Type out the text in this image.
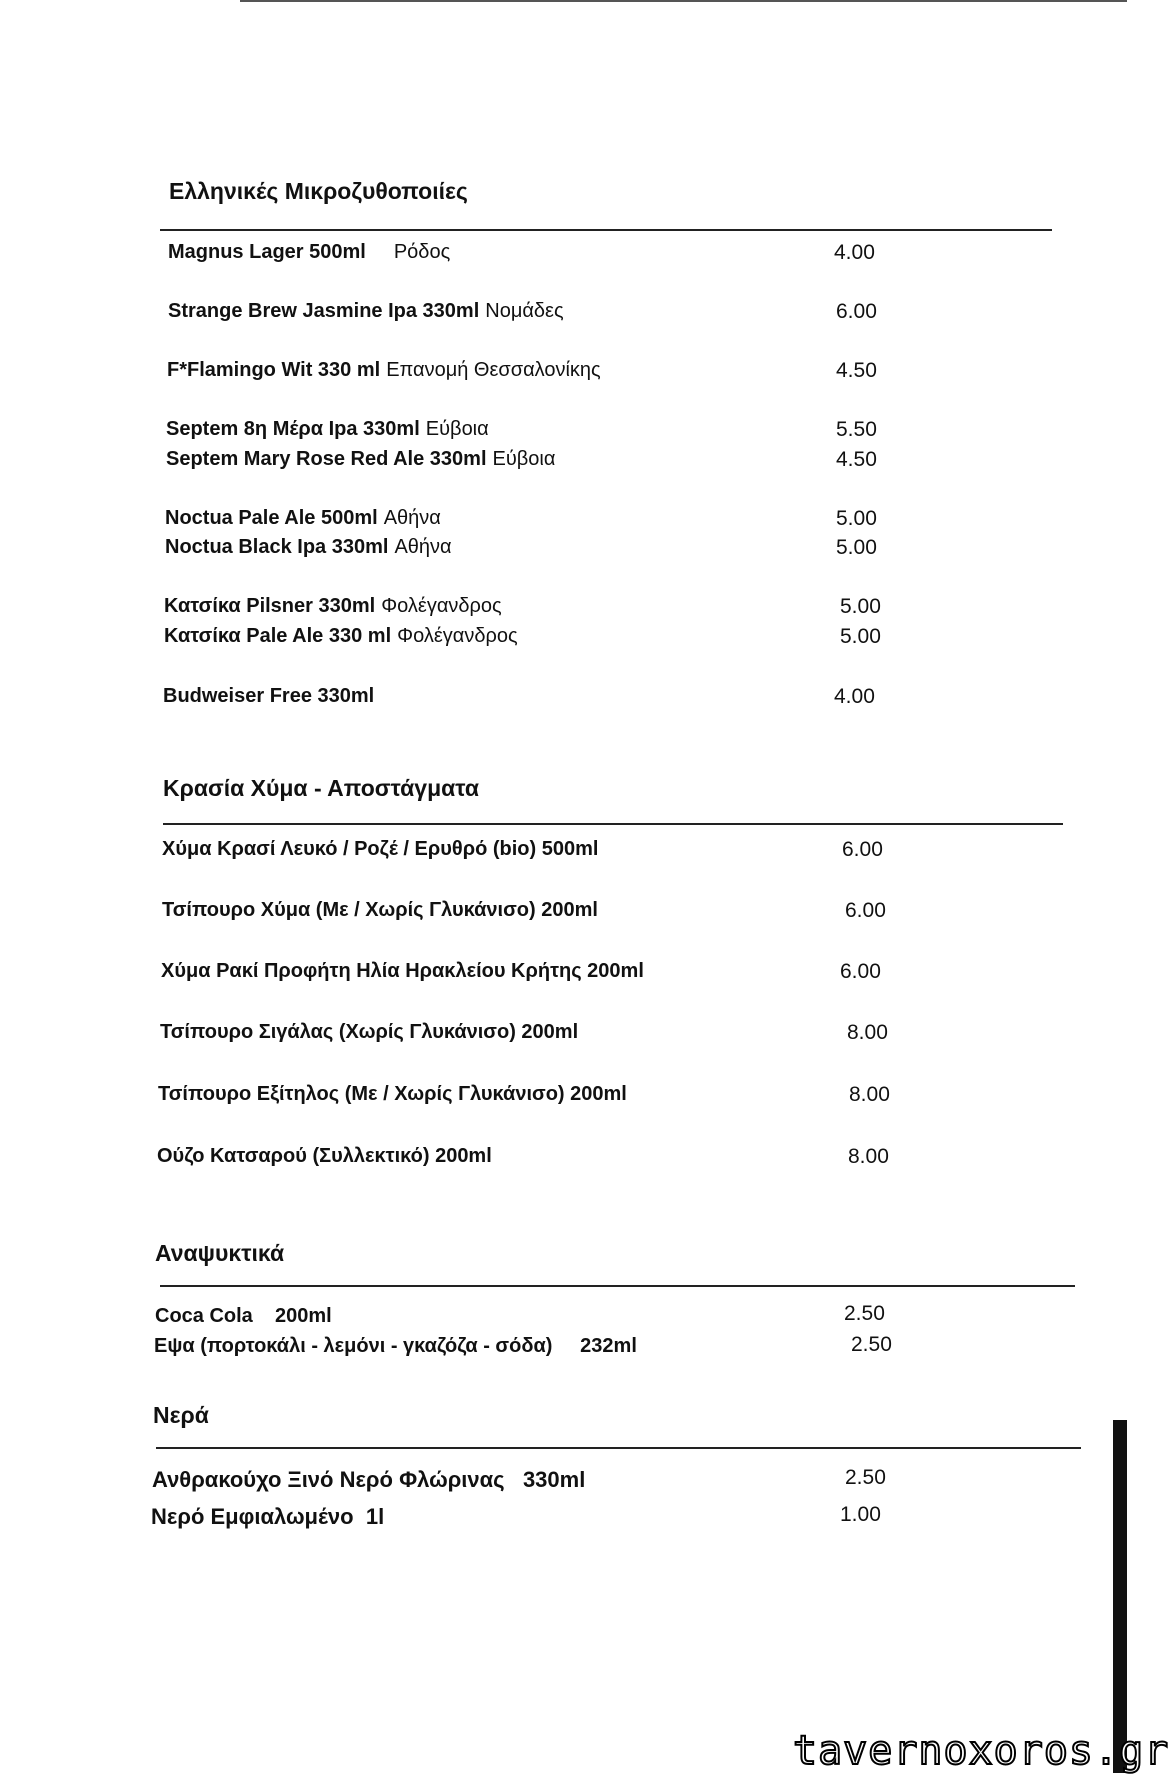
Ελληνικές Μικροζυθοποιίες
Magnus Lager 500ml Ρόδος	4.00
Strange Brew Jasmine Ipa 330ml Νομάδες	6.00
F*Flamingo Wit 330 ml Επανομή Θεσσαλονίκης	4.50
Septem 8η Μέρα Ipa 330ml Εύβοια	5.50
Septem Mary Rose Red Ale 330ml Εύβοια	4.50
Noctua Pale Ale 500ml Αθήνα	5.00
Noctua Black Ipa 330ml Αθήνα	5.00
Κατσίκα Pilsner 330ml Φολέγανδρος	5.00
Κατσίκα Pale Ale 330 ml Φολέγανδρος	5.00
Budweiser Free 330ml	4.00
Κρασία Χύμα - Αποστάγματα
Χύμα Κρασί Λευκό / Ροζέ / Ερυθρό (bio) 500ml	6.00
Τσίπουρο Χύμα (Με / Χωρίς Γλυκάνισο) 200ml	6.00
Χύμα Ρακί Προφήτη Ηλία Ηρακλείου Κρήτης 200ml	6.00
Τσίπουρο Σιγάλας (Χωρίς Γλυκάνισο) 200ml	8.00
Τσίπουρο Εξίτηλος (Με / Χωρίς Γλυκάνισο) 200ml	8.00
Ούζο Κατσαρού (Συλλεκτικό) 200ml	8.00
Αναψυκτικά
Coca Cola    200ml	2.50
Εψα (πορτοκάλι - λεμόνι - γκαζόζα - σόδα)     232ml	2.50
Νερά
Ανθρακούχο Ξινό Νερό Φλώρινας   330ml	2.50
Νερό Εμφιαλωμένο  1l	1.00
tavernoxoros.gr
